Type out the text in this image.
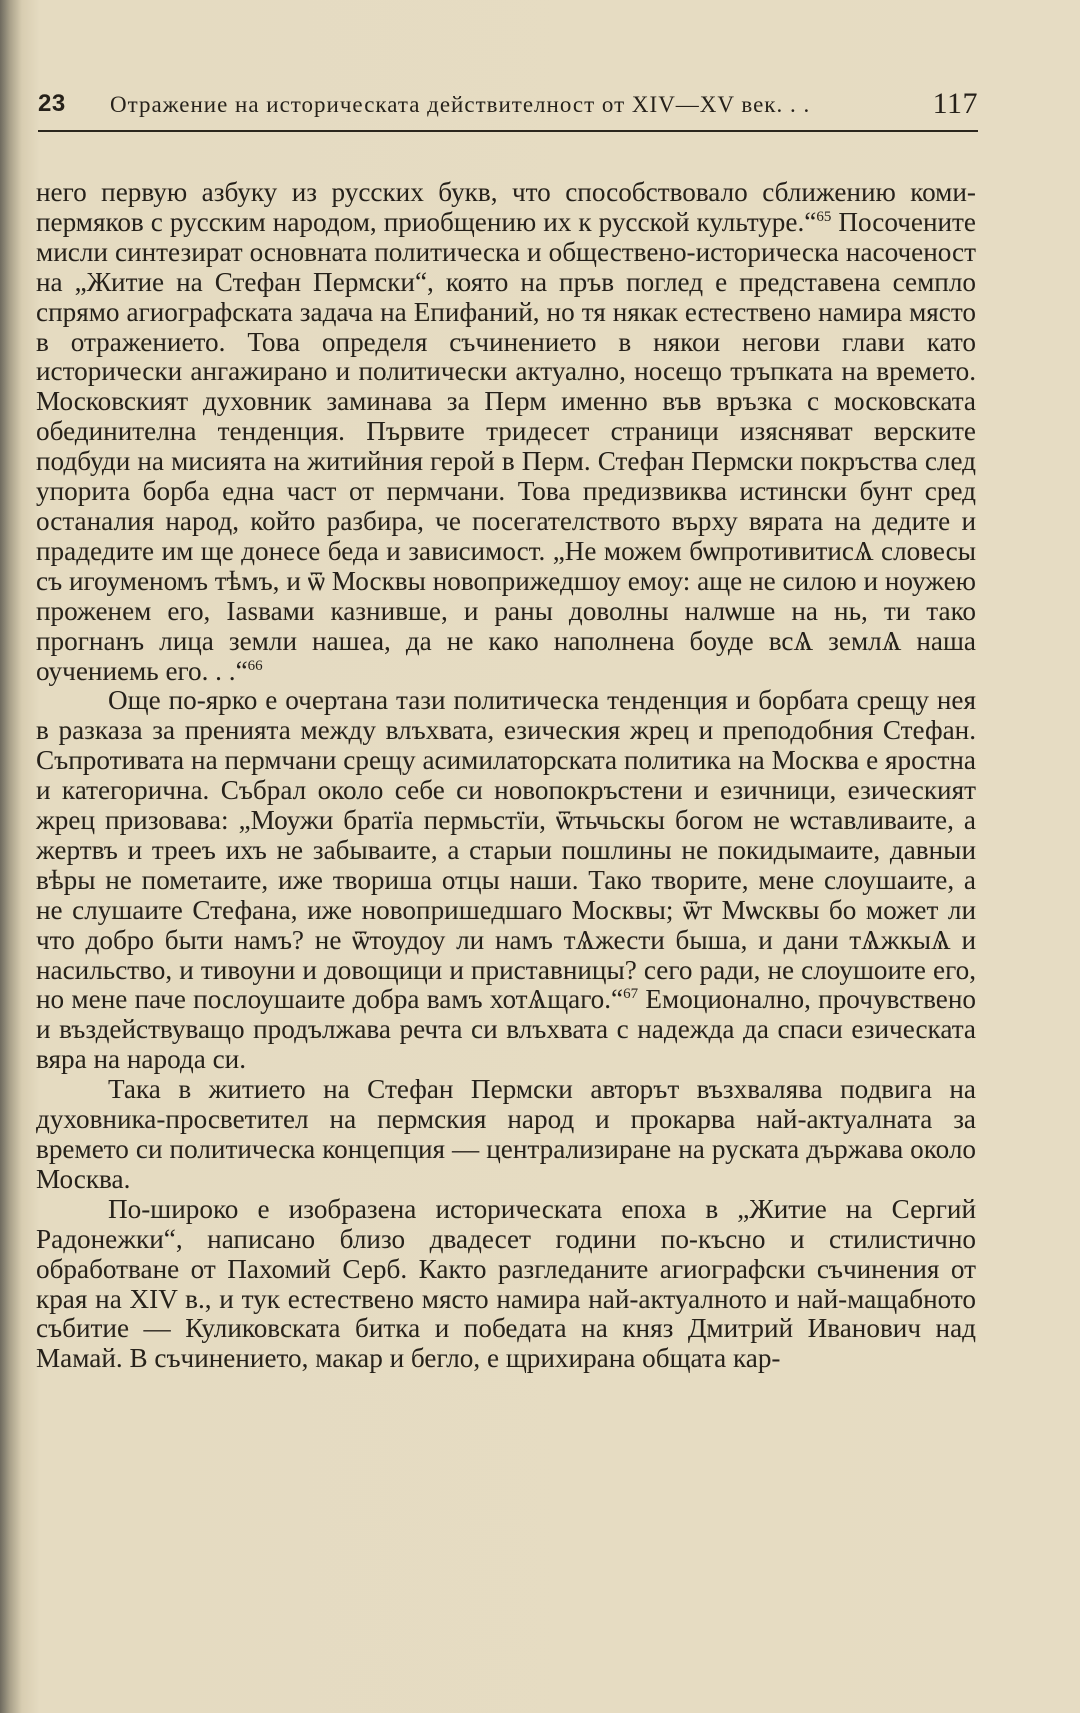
23 Отражение на историческата действителност от XIV—XV век. . .	117

него первую азбуку из русских букв, что способствовало сближению коми-пермяков с русским народом, приобщению их к русской культуре.“$^{65}$ Посочените мисли синтезират основната политическа и обществено-историческа насоченост на „Житие на Стефан Пермски“, която на пръв поглед е представена семпло спрямо агиографската задача на Епифаний, но тя някак естествено намира място в отражението. Това определя съчинението в някои негови глави като исторически ангажирано и политически актуално, носещо тръпката на времето. Московският духовник заминава за Перм именно във връзка с московската обединителна тенденция. Първите тридесет страници изясняват верските подбуди на мисията на житийния герой в Перм. Стефан Пермски покръства след упорита борба една част от пермчани. Това предизвиква истински бунт сред останалия народ, който разбира, че посегателството върху вярата на дедите и прадедите им ще донесе беда и зависимост. „Не можем бѡпротивитисѦ словесы съ игоуменомъ тѣмъ, и ѿ Москвы новоприжедшоу емоу: аще не силою и ноужею проженем его, Іаѕвами казнивше, и раны доволны налѡше на нь, ти тако прогнанъ лица земли нашеа, да не како наполнена боуде всѦ землѦ наша оучениемь его. . .“$^{66}$

Още по-ярко е очертана тази политическа тенденция и борбата срещу нея в разказа за пренията между влъхвата, езическия жрец и преподобния Стефан. Съпротивата на пермчани срещу асимилаторската политика на Москва е яростна и категорична. Събрал около себе си новопокръстени и езичници, езическият жрец призовава: „Моужи братїа пермьстїи, ѿтьчьскы богом не ѡставливаите, а жертвъ и трееъ ихъ не забываите, а старыи пошлины не покидымаите, давныи вѣры не пометаите, иже твориша отцы наши. Тако творите, мене слоушаите, а не слушаите Стефана, иже новопришедшаго Москвы; ѿт Мѡсквы бо может ли что добро быти намъ? не ѿтоудоу ли намъ тѦжести быша, и дани тѦжкыѦ и насильство, и тивоуни и довощици и приставницы? сего ради, не слоушоите его, но мене паче послоушаите добра вамъ хотѦщаго.“$^{67}$ Емоционално, прочувствено и въздействуващо продължава речта си влъхвата с надежда да спаси езическата вяра на народа си.

Така в житието на Стефан Пермски авторът възхвалява подвига на духовника-просветител на пермския народ и прокарва най-актуалната за времето си политическа концепция — централизиране на руската държава около Москва.

По-широко е изобразена историческата епоха в „Житие на Сергий Радонежки“, написано близо двадесет години по-късно и стилистично обработване от Пахомий Серб. Както разгледаните агиографски съчинения от края на XIV в., и тук естествено място намира най-актуалното и най-мащабното събитие — Куликовската битка и победата на княз Дмитрий Иванович над Мамай. В съчинението, макар и бегло, е щрихирана общата кар-
